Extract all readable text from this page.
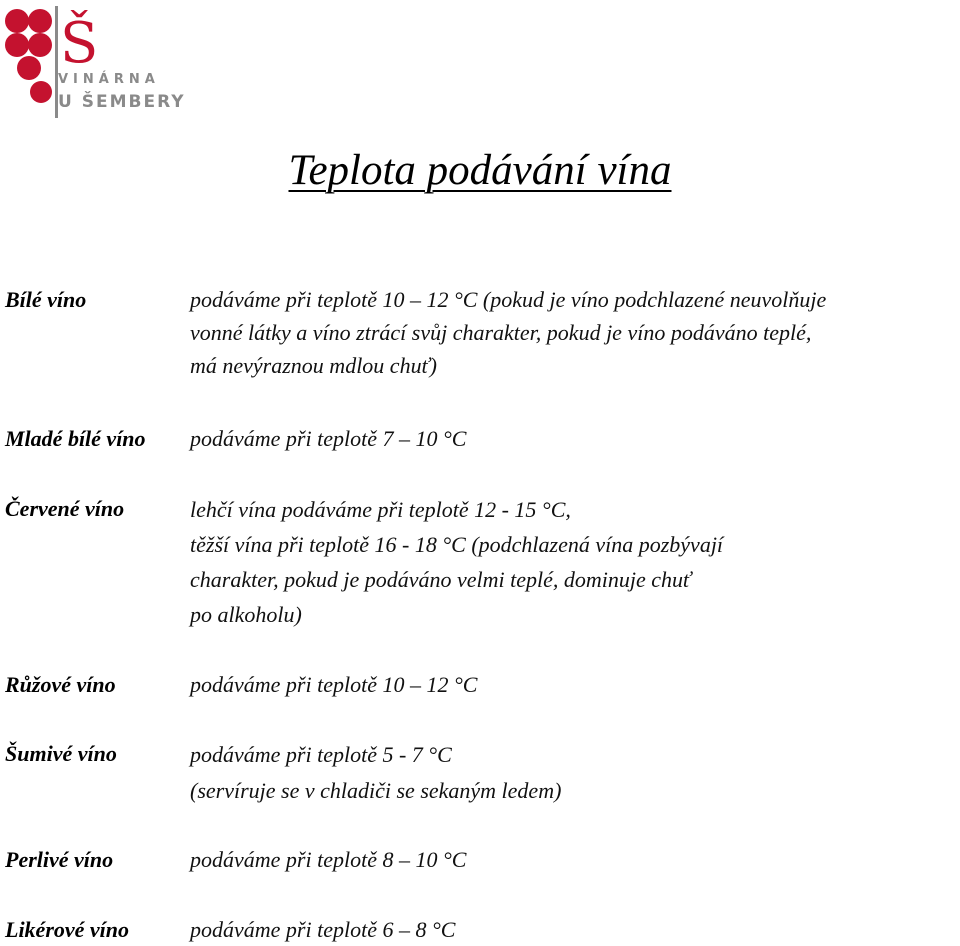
Š
VINÁRNA
U ŠEMBERY
Teplota podávání vína
Bílé víno	podáváme při teplotě 10 – 12 °C (pokud je víno podchlazené neuvolňuje
vonné látky a víno ztrácí svůj charakter, pokud je víno podáváno teplé,
má nevýraznou mdlou chuť)
Mladé bílé víno podáváme při teplotě 7 – 10 °C
Červené víno	lehčí vína podáváme při teplotě 12 - 15 °C,
těžší vína při teplotě 16 - 18 °C (podchlazená vína pozbývají
charakter, pokud je podáváno velmi teplé, dominuje chuť
po alkoholu)
Růžové víno	podáváme při teplotě 10 – 12 °C
Šumivé víno	podáváme při teplotě 5 - 7 °C
(servíruje se v chladiči se sekaným ledem)
Perlivé víno	podáváme při teplotě 8 – 10 °C
Likérové víno	podáváme při teplotě 6 – 8 °C
